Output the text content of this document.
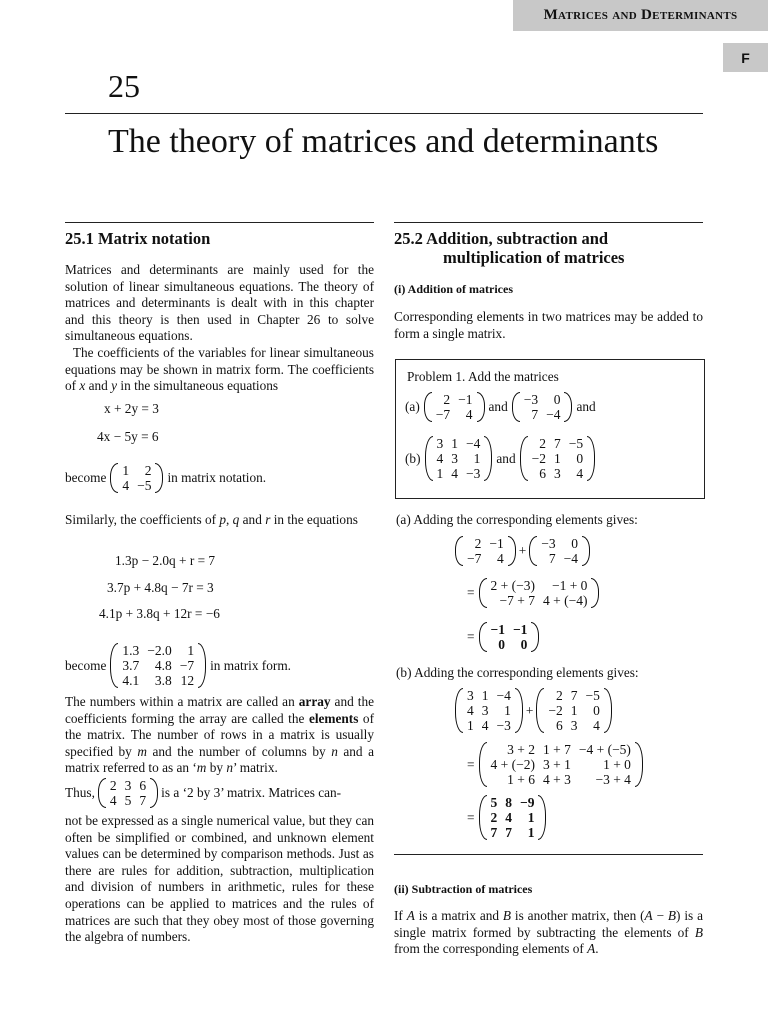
Matrices and Determinants
F
25
The theory of matrices and determinants
25.1 Matrix notation
Matrices and determinants are mainly used for the solution of linear simultaneous equations. The theory of matrices and determinants is dealt with in this chapter and this theory is then used in Chapter 26 to solve simultaneous equations.
The coefficients of the variables for linear simultaneous equations may be shown in matrix form. The coefficients of x and y in the simultaneous equations
x + 2y = 3
4x − 5y = 6
become 1	2
4	−5
in matrix notation.
Similarly, the coefficients of p, q and r in the equations
1.3p − 2.0q + r = 7
3.7p + 4.8q − 7r = 3
4.1p + 3.8q + 12r = −6
become
1.3	−2.0	1
3.7	4.8	−7
4.1	3.8	12
in matrix form.
The numbers within a matrix are called an array and the coefficients forming the array are called the elements of the matrix. The number of rows in a matrix is usually specified by m and the number of columns by n and a matrix referred to as an ‘m by n’ matrix.
Thus, 2	3	6
4	5	7
is a ‘2 by 3’ matrix. Matrices can-
not be expressed as a single numerical value, but they can often be simplified or combined, and unknown element values can be determined by comparison methods. Just as there are rules for addition, subtraction, multiplication and division of numbers in arithmetic, rules for these operations can be applied to matrices and the rules of matrices are such that they obey most of those governing the algebra of numbers.
25.2 Addition, subtraction and
multiplication of matrices
(i) Addition of matrices
Corresponding elements in two matrices may be added to form a single matrix.
Problem 1. Add the matrices
(a) 2	−1
−7	4
and −3	0
7	−4
and
(b)
3	1	−4
4	3	1
1	4	−3
and
2	7	−5
−2	1	0
6	3	4
(a) Adding the corresponding elements gives:
2	−1
−7	4
+ −3	0
7	−4
= 2 + (−3)	−1 + 0
−7 + 7	4 + (−4)
= −1	−1
0	0
(b) Adding the corresponding elements gives:
3	1	−4
4	3	1
1	4	−3
+
2	7	−5
−2	1	0
6	3	4
=
3 + 2	1 + 7	−4 + (−5)
4 + (−2)	3 + 1	1 + 0
1 + 6	4 + 3	−3 + 4
=
5	8	−9
2	4	1
7	7	1
(ii) Subtraction of matrices
If A is a matrix and B is another matrix, then (A − B) is a single matrix formed by subtracting the elements of B from the corresponding elements of A.
